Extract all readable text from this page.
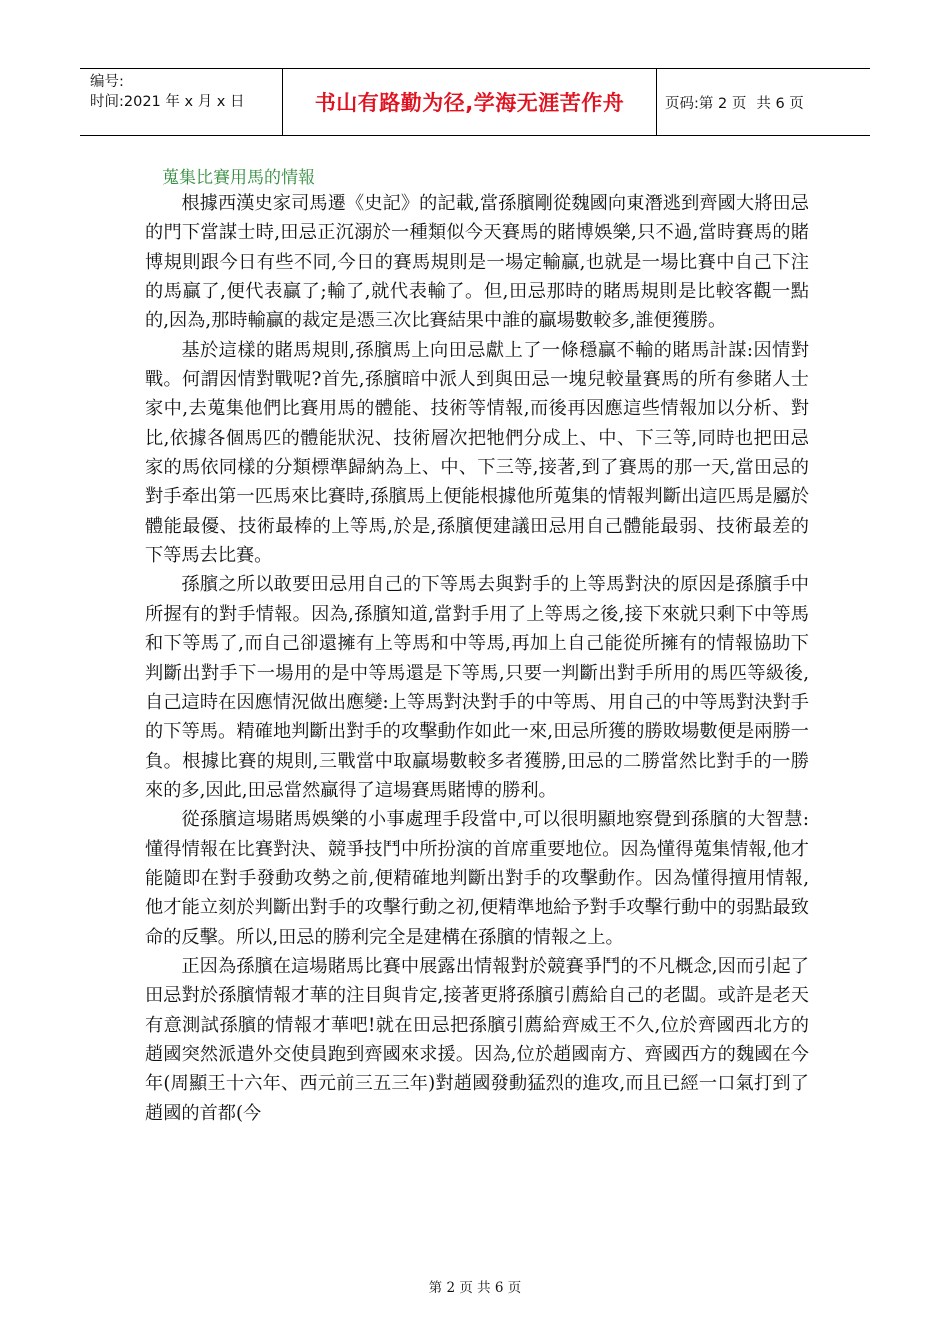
编号:
时间:2021 年 x 月 x 日	书山有路勤为径,学海无涯苦作舟	页码:第 2 页 共 6 页
蒐集比賽用馬的情報

根據西漢史家司馬遷《史記》的記載,當孫臏剛從魏國向東潛逃到齊國大將田忌的門下當謀士時,田忌正沉溺於一種類似今天賽馬的賭博娛樂,只不過,當時賽馬的賭博規則跟今日有些不同,今日的賽馬規則是一場定輸贏,也就是一場比賽中自己下注的馬贏了,便代表贏了;輸了,就代表輸了。但,田忌那時的賭馬規則是比較客觀一點的,因為,那時輸贏的裁定是憑三次比賽結果中誰的贏場數較多,誰便獲勝。

基於這樣的賭馬規則,孫臏馬上向田忌獻上了一條穩贏不輸的賭馬計謀:因情對戰。何謂因情對戰呢?首先,孫臏暗中派人到與田忌一塊兒較量賽馬的所有參賭人士家中,去蒐集他們比賽用馬的體能、技術等情報,而後再因應這些情報加以分析、對比,依據各個馬匹的體能狀況、技術層次把牠們分成上、中、下三等,同時也把田忌家的馬依同樣的分類標準歸納為上、中、下三等,接著,到了賽馬的那一天,當田忌的對手牽出第一匹馬來比賽時,孫臏馬上便能根據他所蒐集的情報判斷出這匹馬是屬於體能最優、技術最棒的上等馬,於是,孫臏便建議田忌用自己體能最弱、技術最差的下等馬去比賽。

孫臏之所以敢要田忌用自己的下等馬去與對手的上等馬對決的原因是孫臏手中所握有的對手情報。因為,孫臏知道,當對手用了上等馬之後,接下來就只剩下中等馬和下等馬了,而自己卻還擁有上等馬和中等馬,再加上自己能從所擁有的情報協助下判斷出對手下一場用的是中等馬還是下等馬,只要一判斷出對手所用的馬匹等級後,自己這時在因應情況做出應變:上等馬對決對手的中等馬、用自己的中等馬對決對手的下等馬。精確地判斷出對手的攻擊動作如此一來,田忌所獲的勝敗場數便是兩勝一負。根據比賽的規則,三戰當中取贏場數較多者獲勝,田忌的二勝當然比對手的一勝來的多,因此,田忌當然贏得了這場賽馬賭博的勝利。

從孫臏這場賭馬娛樂的小事處理手段當中,可以很明顯地察覺到孫臏的大智慧:懂得情報在比賽對決、競爭技鬥中所扮演的首席重要地位。因為懂得蒐集情報,他才能隨即在對手發動攻勢之前,便精確地判斷出對手的攻擊動作。因為懂得擅用情報,他才能立刻於判斷出對手的攻擊行動之初,便精準地給予對手攻擊行動中的弱點最致命的反擊。所以,田忌的勝利完全是建構在孫臏的情報之上。

正因為孫臏在這場賭馬比賽中展露出情報對於競賽爭鬥的不凡概念,因而引起了田忌對於孫臏情報才華的注目與肯定,接著更將孫臏引薦給自己的老闆。或許是老天有意測試孫臏的情報才華吧!就在田忌把孫臏引薦給齊威王不久,位於齊國西北方的趙國突然派遣外交使員跑到齊國來求援。因為,位於趙國南方、齊國西方的魏國在今年(周顯王十六年、西元前三五三年)對趙國發動猛烈的進攻,而且已經一口氣打到了趙國的首都(今

第 2 页 共 6 页
